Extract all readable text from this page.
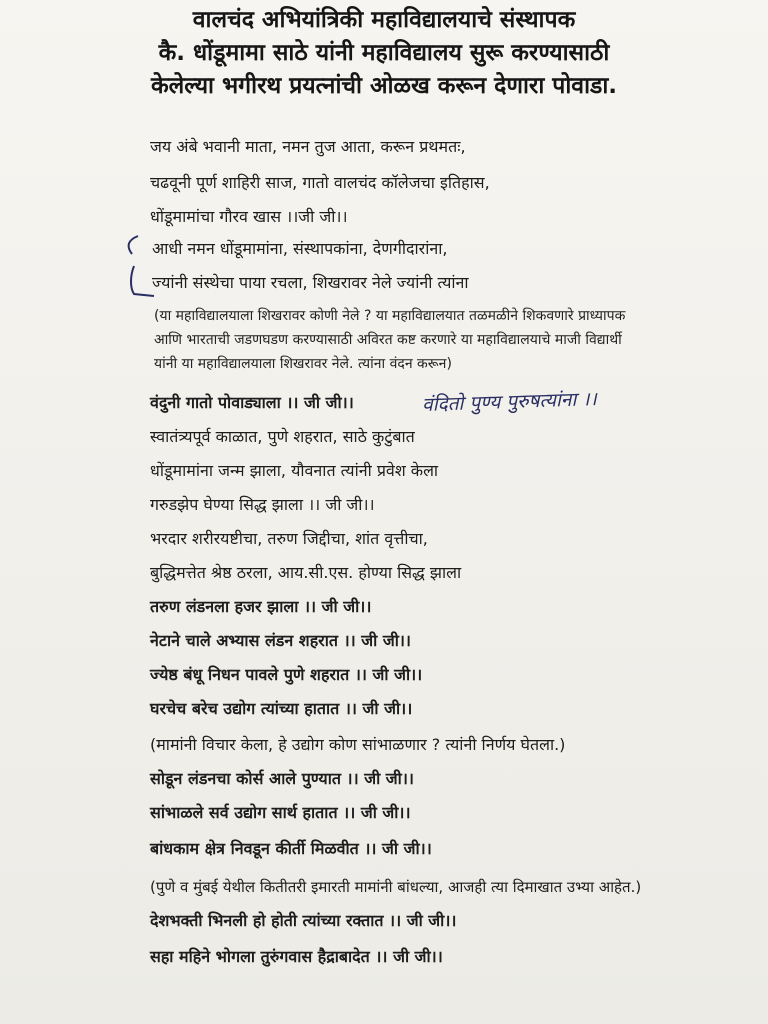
वालचंद अभियांत्रिकी महाविद्यालयाचे संस्थापक
कै. धोंडूमामा साठे यांनी महाविद्यालय सुरू करण्यासाठी
केलेल्या भगीरथ प्रयत्नांची ओळख करून देणारा पोवाडा.
जय अंबे भवानी माता, नमन तुज आता, करून प्रथमतः,
चढवूनी पूर्ण शाहिरी साज, गातो वालचंद कॉलेजचा इतिहास,
धोंडूमामांचा गौरव खास ।।जी जी।।
आधी नमन धोंडूमामांना, संस्थापकांना, देणगीदारांना,
ज्यांनी संस्थेचा पाया रचला, शिखरावर नेले ज्यांनी त्यांना
(या महाविद्यालयाला शिखरावर कोणी नेले ? या महाविद्यालयात तळमळीने शिकवणारे प्राध्यापक
आणि भारताची जडणघडण करण्यासाठी अविरत कष्ट करणारे या महाविद्यालयाचे माजी विद्यार्थी
यांनी या महाविद्यालयाला शिखरावर नेले. त्यांना वंदन करून)
वंदुनी गातो पोवाड्याला ।। जी जी।।
स्वातंत्र्यपूर्व काळात, पुणे शहरात, साठे कुटुंबात
धोंडूमामांना जन्म झाला, यौवनात त्यांनी प्रवेश केला
गरुडझेप घेण्या सिद्ध झाला ।। जी जी।।
भरदार शरीरयष्टीचा, तरुण जिद्दीचा, शांत वृत्तीचा,
बुद्धिमत्तेत श्रेष्ठ ठरला, आय.सी.एस. होण्या सिद्ध झाला
तरुण लंडनला हजर झाला ।। जी जी।।
नेटाने चाले अभ्यास लंडन शहरात ।। जी जी।।
ज्येष्ठ बंधू निधन पावले पुणे शहरात ।। जी जी।।
घरचेच बरेच उद्योग त्यांच्या हातात ।। जी जी।।
(मामांनी विचार केला, हे उद्योग कोण सांभाळणार ? त्यांनी निर्णय घेतला.)
सोडून लंडनचा कोर्स आले पुण्यात ।। जी जी।।
सांभाळले सर्व उद्योग सार्थ हातात ।। जी जी।।
बांधकाम क्षेत्र निवडून कीर्ती मिळवीत ।। जी जी।।
(पुणे व मुंबई येथील कितीतरी इमारती मामांनी बांधल्या, आजही त्या दिमाखात उभ्या आहेत.)
देशभक्ती भिनली हो होती त्यांच्या रक्तात ।। जी जी।।
सहा महिने भोगला तुरुंगवास हैद्राबादेत ।। जी जी।।
वंदितो पुण्य पुरुषत्यांना ।।
